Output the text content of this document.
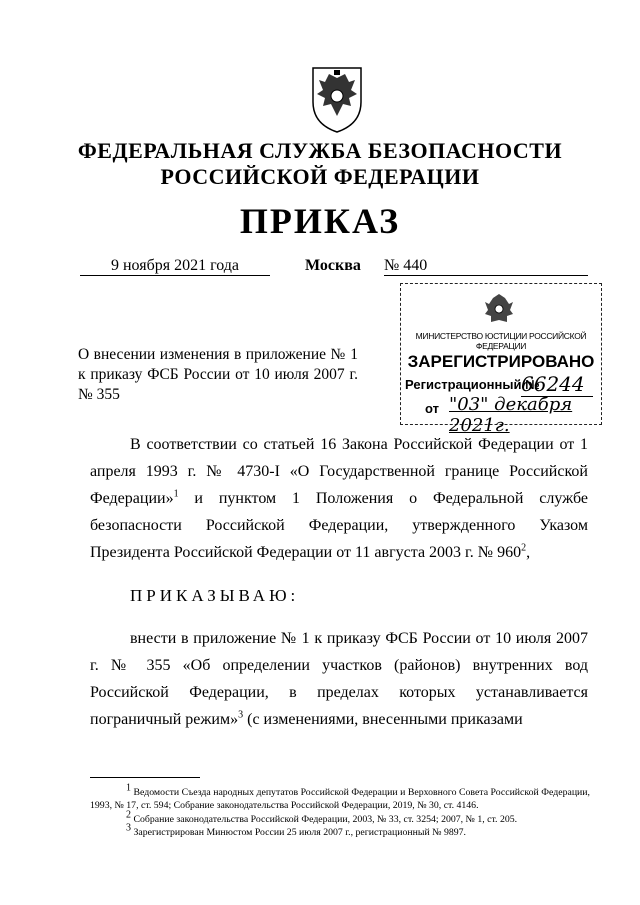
ФЕДЕРАЛЬНАЯ СЛУЖБА БЕЗОПАСНОСТИ
РОССИЙСКОЙ ФЕДЕРАЦИИ
ПРИКАЗ
9 ноября 2021 года	Москва № 440
О внесении изменения в приложение № 1 к приказу ФСБ России от 10 июля 2007 г. № 355
МИНИСТЕРСТВО ЮСТИЦИИ РОССИЙСКОЙ ФЕДЕРАЦИИ
ЗАРЕГИСТРИРОВАНО
Регистрационный №
66244
от "03" декабря 2021г.
В соответствии со статьей 16 Закона Российской Федерации от 1 апреля 1993 г. № 4730-I «О Государственной границе Российской Федерации»$^1$ и пунктом 1 Положения о Федеральной службе безопасности Российской Федерации, утвержденного Указом Президента Российской Федерации от 11 августа 2003 г. № $960^2$,
ПРИКАЗЫВАЮ:
внести в приложение № 1 к приказу ФСБ России от 10 июля 2007 г. № 355 «Об определении участков (районов) внутренних вод Российской Федерации, в пределах которых устанавливается пограничный режим»$^3$ (с изменениями, внесенными приказами

$^1$ Ведомости Съезда народных депутатов Российской Федерации и Верховного Совета Российской Федерации, 1993, № 17, ст. 594; Собрание законодательства Российской Федерации, 2019, № 30, ст. 4146.

$^2$ Собрание законодательства Российской Федерации, 2003, № 33, ст. 3254; 2007, № 1, ст. 205.

$^3$ Зарегистрирован Минюстом России 25 июля 2007 г., регистрационный № 9897.
